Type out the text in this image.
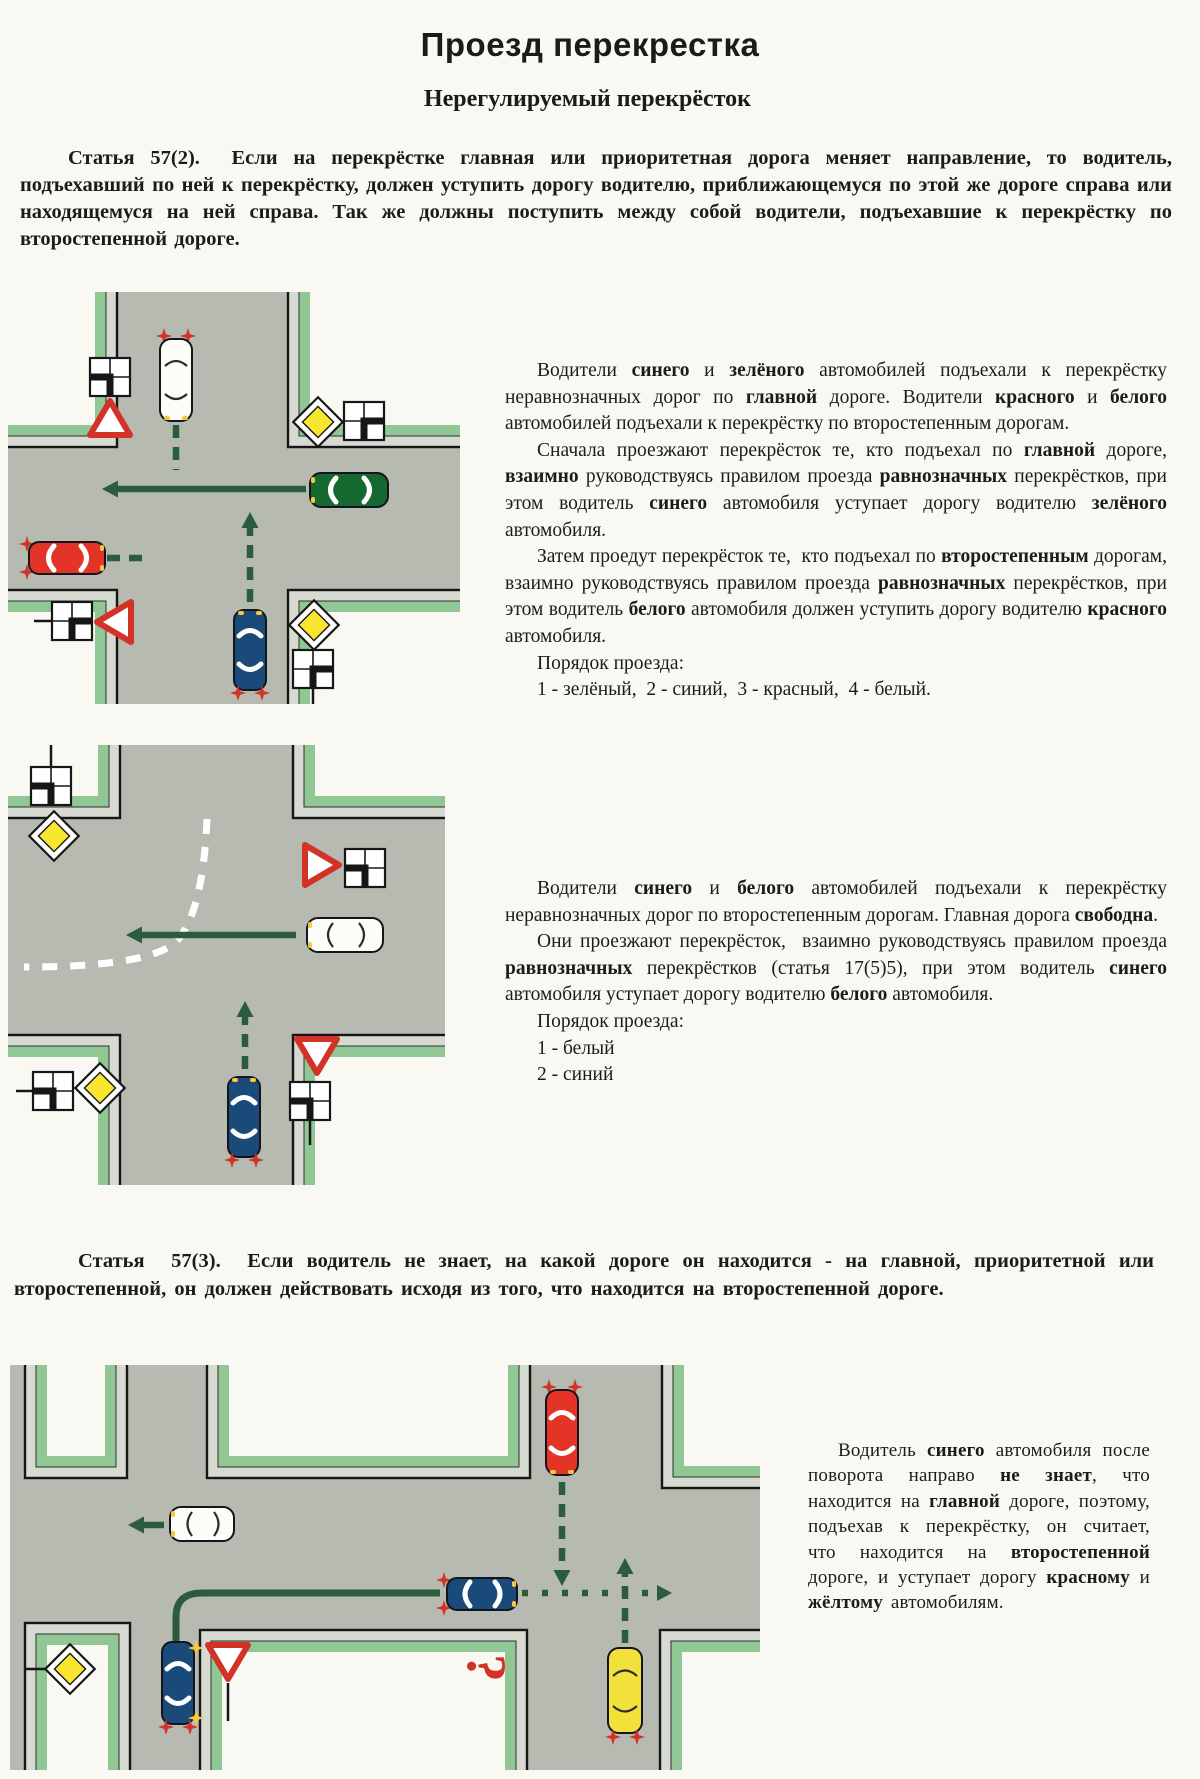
Проезд перекрестка
Нерегулируемый перекрёсток

Статья 57(2).  Если на перекрёстке главная или приоритетная дорога меняет направление, то водитель, подъехавший по ней к перекрёстку, должен уступить дорогу водителю, приближающемуся по этой же дороге справа или находящемуся на ней справа. Так же должны поступить между собой водители, подъехавшие к перекрёстку по второстепенной дороге.

Водители синего и зелёного автомобилей подъехали к перекрёстку неравнозначных дорог по главной дороге. Водители красного и белого автомобилей подъехали к перекрёстку по второстепенным дорогам.

Сначала проезжают перекрёсток те, кто подъехал по главной дороге, взаимно руководствуясь правилом проезда равнозначных перекрёстков, при этом водитель синего автомобиля уступает дорогу водителю зелёного автомобиля.

Затем проедут перекрёсток те,  кто подъехал по второстепенным дорогам, взаимно руководствуясь правилом проезда равнозначных перекрёстков, при этом водитель белого автомобиля должен уступить дорогу водителю красного автомобиля.

Порядок проезда:

1 - зелёный,  2 - синий,  3 - красный,  4 - белый.

Водители синего и белого автомобилей подъехали к перекрёстку неравнозначных дорог по второстепенным дорогам. Главная дорога свободна.

Они проезжают перекрёсток,  взаимно руководствуясь правилом проезда равнозначных перекрёстков (статья 17(5)5), при этом водитель синего автомобиля уступает дорогу водителю белого автомобиля.

Порядок проезда:

1 - белый

2 - синий

Статья  57(3).  Если водитель не знает, на какой дороге он находится - на главной, приоритетной или второстепенной, он должен действовать исходя из того, что находится на второстепенной дороге.

?

Водитель синего автомобиля после поворота направо не знает, что находится на главной дороге, поэтому, подъехав к перекрёстку, он считает, что находится на второстепенной дороге, и уступает дорогу красному и жёлтому автомобилям.
